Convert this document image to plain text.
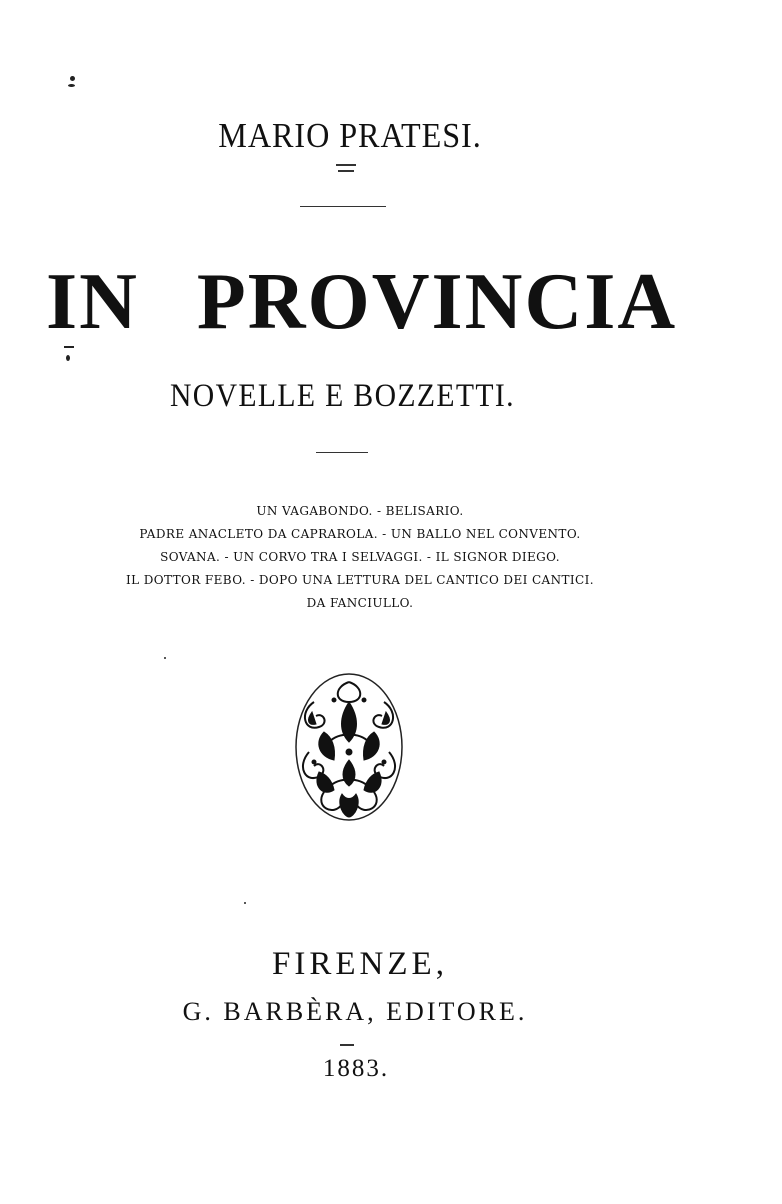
MARIO PRATESI.
IN PROVINCIA
NOVELLE E BOZZETTI.
UN VAGABONDO. - BELISARIO.
PADRE ANACLETO DA CAPRAROLA. - UN BALLO NEL CONVENTO.
SOVANA. - UN CORVO TRA I SELVAGGI. - IL SIGNOR DIEGO.
IL DOTTOR FEBO. - DOPO UNA LETTURA DEL CANTICO DEI CANTICI.
DA FANCIULLO.
FIRENZE,
G. BARBÈRA, EDITORE.
1883.
